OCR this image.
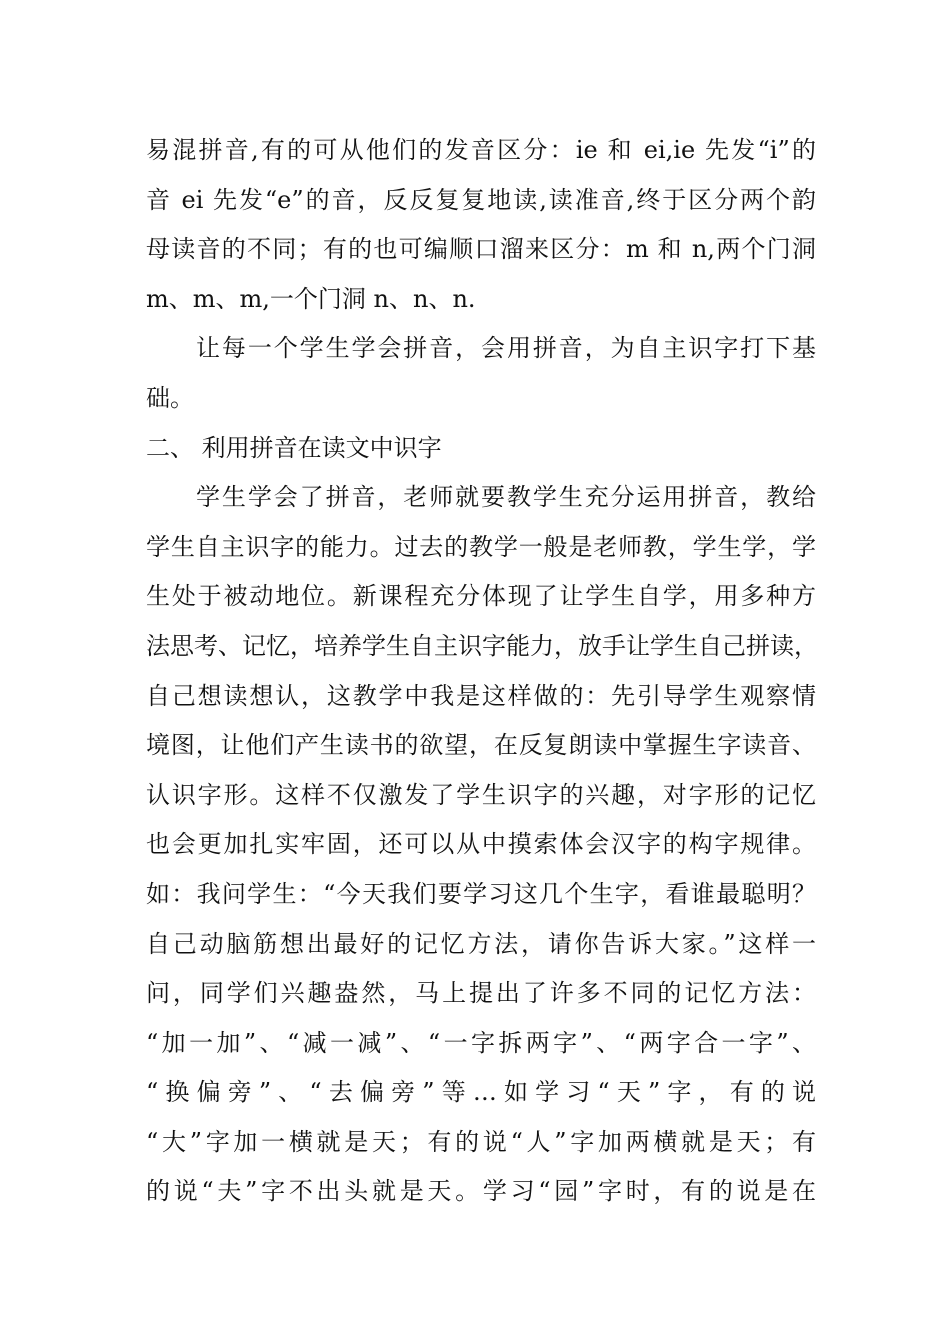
易混拼音,有的可从他们的发音区分：ie 和 ei,ie 先发“i”的
音 ei 先发“e”的音，反反复复地读,读准音,终于区分两个韵
母读音的不同；有的也可编顺口溜来区分：m 和 n,两个门洞
m、m、m,一个门洞 n、n、n.
让每一个学生学会拼音，会用拼音，为自主识字打下基
础。
二、 利用拼音在读文中识字
学生学会了拼音，老师就要教学生充分运用拼音，教给
学生自主识字的能力。过去的教学一般是老师教，学生学，学
生处于被动地位。新课程充分体现了让学生自学，用多种方
法思考、记忆，培养学生自主识字能力，放手让学生自己拼读，
自己想读想认，这教学中我是这样做的：先引导学生观察情
境图，让他们产生读书的欲望，在反复朗读中掌握生字读音、
认识字形。这样不仅激发了学生识字的兴趣，对字形的记忆
也会更加扎实牢固，还可以从中摸索体会汉字的构字规律。
如：我问学生：“今天我们要学习这几个生字，看谁最聪明？
自己动脑筋想出最好的记忆方法，请你告诉大家。”这样一
问，同学们兴趣盎然，马上提出了许多不同的记忆方法：
“加一加”、“减一减”、“一字拆两字”、“两字合一字”、
“换偏旁”、“去偏旁”等…如学习“天”字，有的说
“大”字加一横就是天；有的说“人”字加两横就是天；有
的说“夫”字不出头就是天。学习“园”字时，有的说是在
